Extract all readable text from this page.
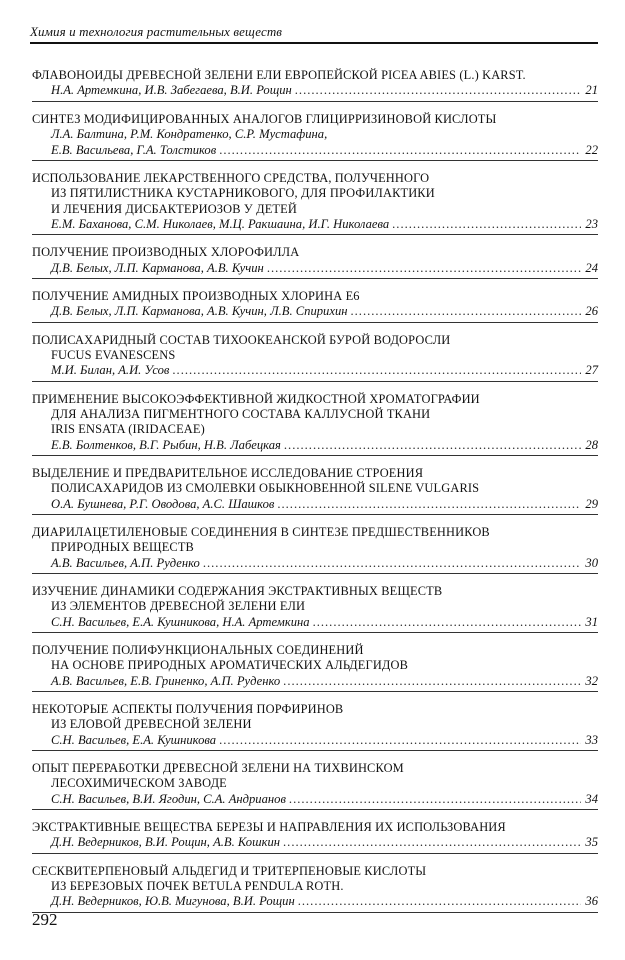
Химия и технология растительных веществ
ФЛАВОНОИДЫ ДРЕВЕСНОЙ ЗЕЛЕНИ ЕЛИ ЕВРОПЕЙСКОЙ PICEA ABIES (L.) KARST.
Н.А. Артемкина, И.В. Забегаева, В.И. Рощин .....	21
СИНТЕЗ МОДИФИЦИРОВАННЫХ АНАЛОГОВ ГЛИЦИРРИЗИНОВОЙ КИСЛОТЫ
Л.А. Балтина, Р.М. Кондратенко, С.Р. Мустафина,
Е.В. Васильева, Г.А. Толстиков .....	22
ИСПОЛЬЗОВАНИЕ ЛЕКАРСТВЕННОГО СРЕДСТВА, ПОЛУЧЕННОГО
ИЗ ПЯТИЛИСТНИКА КУСТАРНИКОВОГО, ДЛЯ ПРОФИЛАКТИКИ
И ЛЕЧЕНИЯ ДИСБАКТЕРИОЗОВ У ДЕТЕЙ
Е.М. Баханова, С.М. Николаев, М.Ц. Ракшаина, И.Г. Николаева .....	23
ПОЛУЧЕНИЕ ПРОИЗВОДНЫХ ХЛОРОФИЛЛА
Д.В. Белых, Л.П. Карманова, А.В. Кучин .....	24
ПОЛУЧЕНИЕ АМИДНЫХ ПРОИЗВОДНЫХ ХЛОРИНА Е6
Д.В. Белых, Л.П. Карманова, А.В. Кучин, Л.В. Спирихин .....	26
ПОЛИСАХАРИДНЫЙ СОСТАВ ТИХООКЕАНСКОЙ БУРОЙ ВОДОРОСЛИ
FUCUS EVANESCENS
М.И. Билан, А.И. Усов .....	27
ПРИМЕНЕНИЕ ВЫСОКОЭФФЕКТИВНОЙ ЖИДКОСТНОЙ ХРОМАТОГРАФИИ
ДЛЯ АНАЛИЗА ПИГМЕНТНОГО СОСТАВА КАЛЛУСНОЙ ТКАНИ
IRIS ENSATA (IRIDACEAE)
Е.В. Болтенков, В.Г. Рыбин, Н.В. Лабецкая .....	28
ВЫДЕЛЕНИЕ И ПРЕДВАРИТЕЛЬНОЕ ИССЛЕДОВАНИЕ СТРОЕНИЯ
ПОЛИСАХАРИДОВ ИЗ СМОЛЕВКИ ОБЫКНОВЕННОЙ SILENE VULGARIS
О.А. Бушнева, Р.Г. Оводова, А.С. Шашков .....	29
ДИАРИЛАЦЕТИЛЕНОВЫЕ СОЕДИНЕНИЯ В СИНТЕЗЕ ПРЕДШЕСТВЕННИКОВ
ПРИРОДНЫХ ВЕЩЕСТВ
А.В. Васильев, А.П. Руденко .....	30
ИЗУЧЕНИЕ ДИНАМИКИ СОДЕРЖАНИЯ ЭКСТРАКТИВНЫХ ВЕЩЕСТВ
ИЗ ЭЛЕМЕНТОВ ДРЕВЕСНОЙ ЗЕЛЕНИ ЕЛИ
С.Н. Васильев, Е.А. Кушникова, Н.А. Артемкина .....	31
ПОЛУЧЕНИЕ ПОЛИФУНКЦИОНАЛЬНЫХ СОЕДИНЕНИЙ
НА ОСНОВЕ ПРИРОДНЫХ АРОМАТИЧЕСКИХ АЛЬДЕГИДОВ
А.В. Васильев, Е.В. Гриненко, А.П. Руденко .....	32
НЕКОТОРЫЕ АСПЕКТЫ ПОЛУЧЕНИЯ ПОРФИРИНОВ
ИЗ ЕЛОВОЙ ДРЕВЕСНОЙ ЗЕЛЕНИ
С.Н. Васильев, Е.А. Кушникова .....	33
ОПЫТ ПЕРЕРАБОТКИ ДРЕВЕСНОЙ ЗЕЛЕНИ НА ТИХВИНСКОМ
ЛЕСОХИМИЧЕСКОМ ЗАВОДЕ
С.Н. Васильев, В.И. Ягодин, С.А. Андрианов .....	34
ЭКСТРАКТИВНЫЕ ВЕЩЕСТВА БЕРЕЗЫ И НАПРАВЛЕНИЯ ИХ ИСПОЛЬЗОВАНИЯ
Д.Н. Ведерников, В.И. Рощин, А.В. Кошкин .....	35
СЕСКВИТЕРПЕНОВЫЙ АЛЬДЕГИД И ТРИТЕРПЕНОВЫЕ КИСЛОТЫ
ИЗ БЕРЕЗОВЫХ ПОЧЕК BETULA PENDULA ROTH.
Д.Н. Ведерников, Ю.В. Мигунова, В.И. Рощин .....	36
292
